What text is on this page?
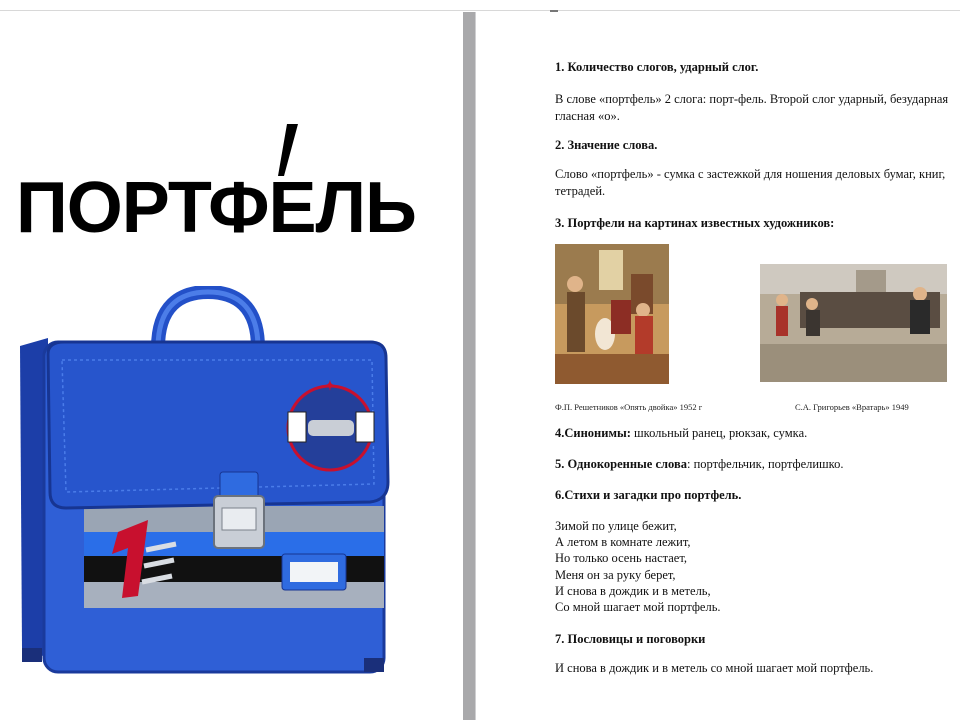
ПОРТФЕЛЬ
✦
1. Количество слогов, ударный слог.
В слове «портфель» 2 слога: порт-фель. Второй слог ударный, безударная гласная «о».
2. Значение слова.
Слово «портфель» - сумка с застежкой для ношения деловых бумаг, книг, тетрадей.
3. Портфели на картинах известных художников:
Ф.П. Решетников «Опять двойка» 1952 г	С.А. Григорьев «Вратарь» 1949
4.Синонимы: школьный ранец, рюкзак, сумка.
5. Однокоренные слова: портфельчик, портфелишко.
6.Стихи и загадки про портфель.
Зимой по улице бежит,
А летом в комнате лежит,
Но только осень настает,
Меня он за руку берет,
И снова в дождик и в метель,
Со мной шагает мой портфель.
7. Пословицы и поговорки
И снова в дождик и в метель со мной шагает мой портфель.
